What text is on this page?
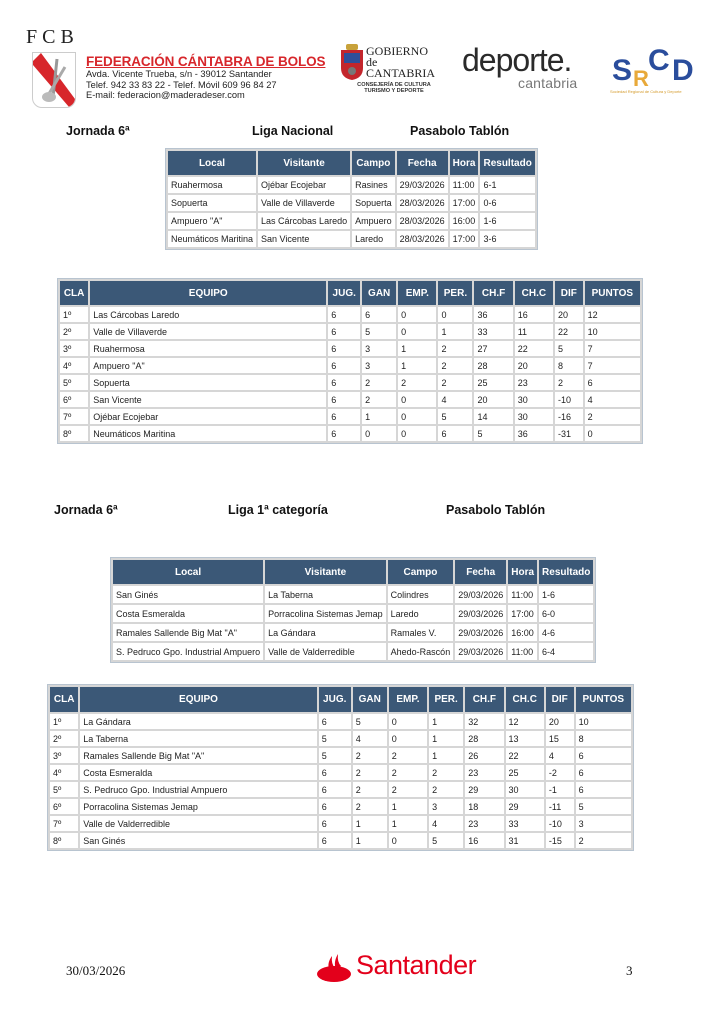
FCB
FEDERACIÓN CÁNTABRA DE BOLOS
Avda. Vicente Trueba, s/n - 39012 Santander
Telef. 942 33 83 22 - Telef. Móvil 609 96 84 27
E-mail: federacion@maderadeser.com
GOBIERNO
de
CANTABRIA
CONSEJERÍA DE CULTURA
TURISMO Y DEPORTE
deporte.
cantabria S R
C D
Sociedad Regional de Cultura y Deporte
Jornada 6ª	Liga Nacional	Pasabolo Tablón
Local	Visitante	Campo	Fecha	Hora	Resultado
Ruahermosa	Ojébar Ecojebar	Rasines	29/03/2026	11:00	6-1
Sopuerta	Valle de Villaverde	Sopuerta	28/03/2026	17:00	0-6
Ampuero "A"	Las Cárcobas Laredo	Ampuero	28/03/2026	16:00	1-6
Neumáticos Maritina	San Vicente	Laredo	28/03/2026	17:00	3-6
CLA	EQUIPO	JUG.	GAN	EMP.	PER.	CH.F	CH.C	DIF	PUNTOS
1º	Las Cárcobas Laredo	6	6	0	0	36	16	20	12
2º	Valle de Villaverde	6	5	0	1	33	11	22	10
3º	Ruahermosa	6	3	1	2	27	22	5	7
4º	Ampuero "A"	6	3	1	2	28	20	8	7
5º	Sopuerta	6	2	2	2	25	23	2	6
6º	San Vicente	6	2	0	4	20	30	-10	4
7º	Ojébar Ecojebar	6	1	0	5	14	30	-16	2
8º	Neumáticos Maritina	6	0	0	6	5	36	-31	0
Jornada 6ª	Liga 1ª categoría	Pasabolo Tablón
Local	Visitante	Campo	Fecha	Hora	Resultado
San Ginés	La Taberna	Colindres	29/03/2026	11:00	1-6
Costa Esmeralda	Porracolina Sistemas Jemap	Laredo	29/03/2026	17:00	6-0
Ramales Sallende Big Mat "A"	La Gándara	Ramales V.	29/03/2026	16:00	4-6
S. Pedruco Gpo. Industrial Ampuero	Valle de Valderredible	Ahedo-Rascón	29/03/2026	11:00	6-4
CLA	EQUIPO	JUG.	GAN	EMP.	PER.	CH.F	CH.C	DIF	PUNTOS
1º	La Gándara	6	5	0	1	32	12	20	10
2º	La Taberna	5	4	0	1	28	13	15	8
3º	Ramales Sallende Big Mat "A"	5	2	2	1	26	22	4	6
4º	Costa Esmeralda	6	2	2	2	23	25	-2	6
5º	S. Pedruco Gpo. Industrial Ampuero	6	2	2	2	29	30	-1	6
6º	Porracolina Sistemas Jemap	6	2	1	3	18	29	-11	5
7º	Valle de Valderredible	6	1	1	4	23	33	-10	3
8º	San Ginés	6	1	0	5	16	31	-15	2
30/03/2026	Santander	3
